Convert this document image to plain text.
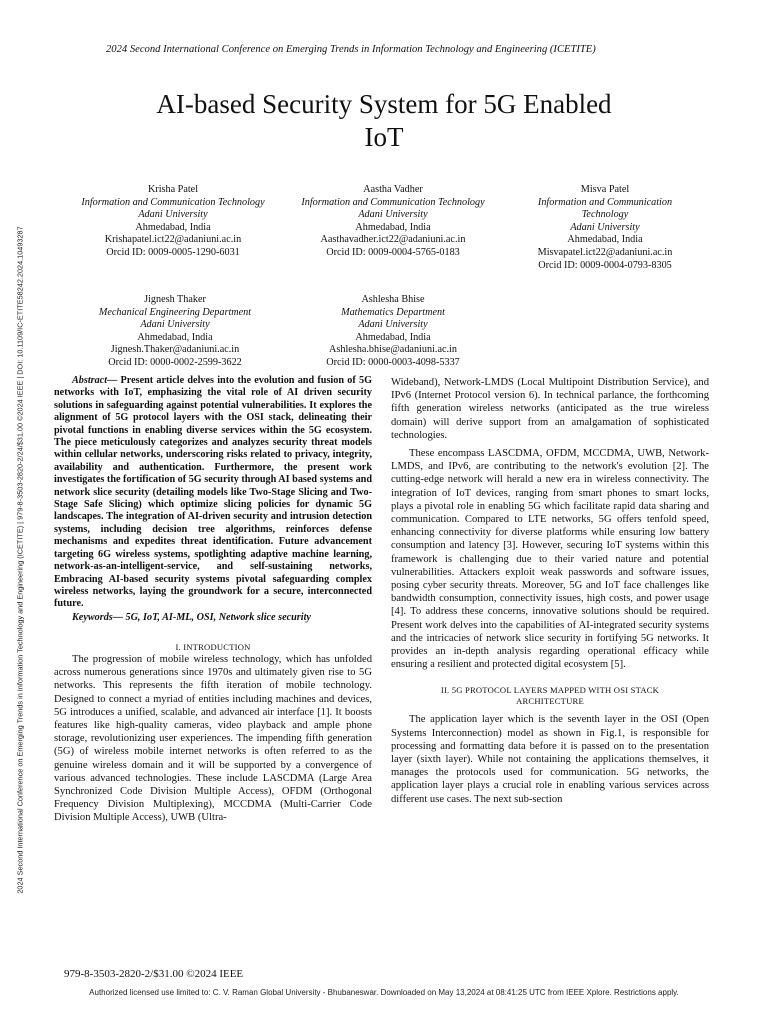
2024 Second International Conference on Emerging Trends in Information Technology and Engineering (ICETITE) | 979-8-3503-2820-2/24/$31.00 ©2024 IEEE | DOI: 10.1109/IC-ETITE58242.2024.10493287
2024 Second International Conference on Emerging Trends in Information Technology and Engineering (ICETITE)
AI-based Security System for 5G Enabled
IoT
Krisha Patel
Information and Communication Technology
Adani University
Ahmedabad, India
Krishapatel.ict22@adaniuni.ac.in
Orcid ID: 0009-0005-1290-6031
Aastha Vadher
Information and Communication Technology
Adani University
Ahmedabad, India
Aasthavadher.ict22@adaniuni.ac.in
Orcid ID: 0009-0004-5765-0183
Misva Patel
Information and Communication
Technology
Adani University
Ahmedabad, India
Misvapatel.ict22@adaniuni.ac.in
Orcid ID: 0009-0004-0793-8305
Jignesh Thaker
Mechanical Engineering Department
Adani University
Ahmedabad, India
Jignesh.Thaker@adaniuni.ac.in
Orcid ID: 0000-0002-2599-3622
Ashlesha Bhise
Mathematics Department
Adani University
Ahmedabad, India
Ashlesha.bhise@adaniuni.ac.in
Orcid ID: 0000-0003-4098-5337

Abstract— Present article delves into the evolution and fusion of 5G networks with IoT, emphasizing the vital role of AI driven security solutions in safeguarding against potential vulnerabilities. It explores the alignment of 5G protocol layers with the OSI stack, delineating their pivotal functions in enabling diverse services within the 5G ecosystem. The piece meticulously categorizes and analyzes security threat models within cellular networks, underscoring risks related to privacy, integrity, availability and authentication. Furthermore, the present work investigates the fortification of 5G security through AI based systems and network slice security (detailing models like Two-Stage Slicing and Two-Stage Safe Slicing) which optimize slicing policies for dynamic 5G landscapes. The integration of AI-driven security and intrusion detection systems, including decision tree algorithms, reinforces defense mechanisms and expedites threat identification. Future advancement targeting 6G wireless systems, spotlighting adaptive machine learning, network-as-an-intelligent-service, and self-sustaining networks, Embracing AI-based security systems pivotal safeguarding complex wireless networks, laying the groundwork for a secure, interconnected future.

Keywords— 5G, IoT, AI-ML, OSI, Network slice security

I. INTRODUCTION

The progression of mobile wireless technology, which has unfolded across numerous generations since 1970s and ultimately given rise to 5G networks. This represents the fifth iteration of mobile technology. Designed to connect a myriad of entities including machines and devices, 5G introduces a unified, scalable, and advanced air interface [1]. It boosts features like high-quality cameras, video playback and ample phone storage, revolutionizing user experiences. The impending fifth generation (5G) of wireless mobile internet networks is often referred to as the genuine wireless domain and it will be supported by a convergence of various advanced technologies. These include LASCDMA (Large Area Synchronized Code Division Multiple Access), OFDM (Orthogonal Frequency Division Multiplexing), MCCDMA (Multi-Carrier Code Division Multiple Access), UWB (Ultra-

Wideband), Network-LMDS (Local Multipoint Distribution Service), and IPv6 (Internet Protocol version 6). In technical parlance, the forthcoming fifth generation wireless networks (anticipated as the true wireless domain) will derive support from an amalgamation of sophisticated technologies.

These encompass LASCDMA, OFDM, MCCDMA, UWB, Network-LMDS, and IPv6, are contributing to the network's evolution [2]. The cutting-edge network will herald a new era in wireless connectivity. The integration of IoT devices, ranging from smart phones to smart locks, plays a pivotal role in enabling 5G which facilitate rapid data sharing and communication. Compared to LTE networks, 5G offers tenfold speed, enhancing connectivity for diverse platforms while ensuring low battery consumption and latency [3]. However, securing IoT systems within this framework is challenging due to their varied nature and potential vulnerabilities. Attackers exploit weak passwords and software issues, posing cyber security threats. Moreover, 5G and IoT face challenges like bandwidth consumption, connectivity issues, high costs, and power usage [4]. To address these concerns, innovative solutions should be required. Present work delves into the capabilities of AI-integrated security systems and the intricacies of network slice security in fortifying 5G networks. It provides an in-depth analysis regarding operational efficacy while ensuring a resilient and protected digital ecosystem [5].

II. 5G PROTOCOL LAYERS MAPPED WITH OSI STACK
ARCHITECTURE

The application layer which is the seventh layer in the OSI (Open Systems Interconnection) model as shown in Fig.1, is responsible for processing and formatting data before it is passed on to the presentation layer (sixth layer). While not containing the applications themselves, it manages the protocols used for communication. 5G networks, the application layer plays a crucial role in enabling various services across different use cases. The next sub-section

979-8-3503-2820-2/$31.00 ©2024 IEEE
Authorized licensed use limited to: C. V. Raman Global University - Bhubaneswar. Downloaded on May 13,2024 at 08:41:25 UTC from IEEE Xplore. Restrictions apply.
